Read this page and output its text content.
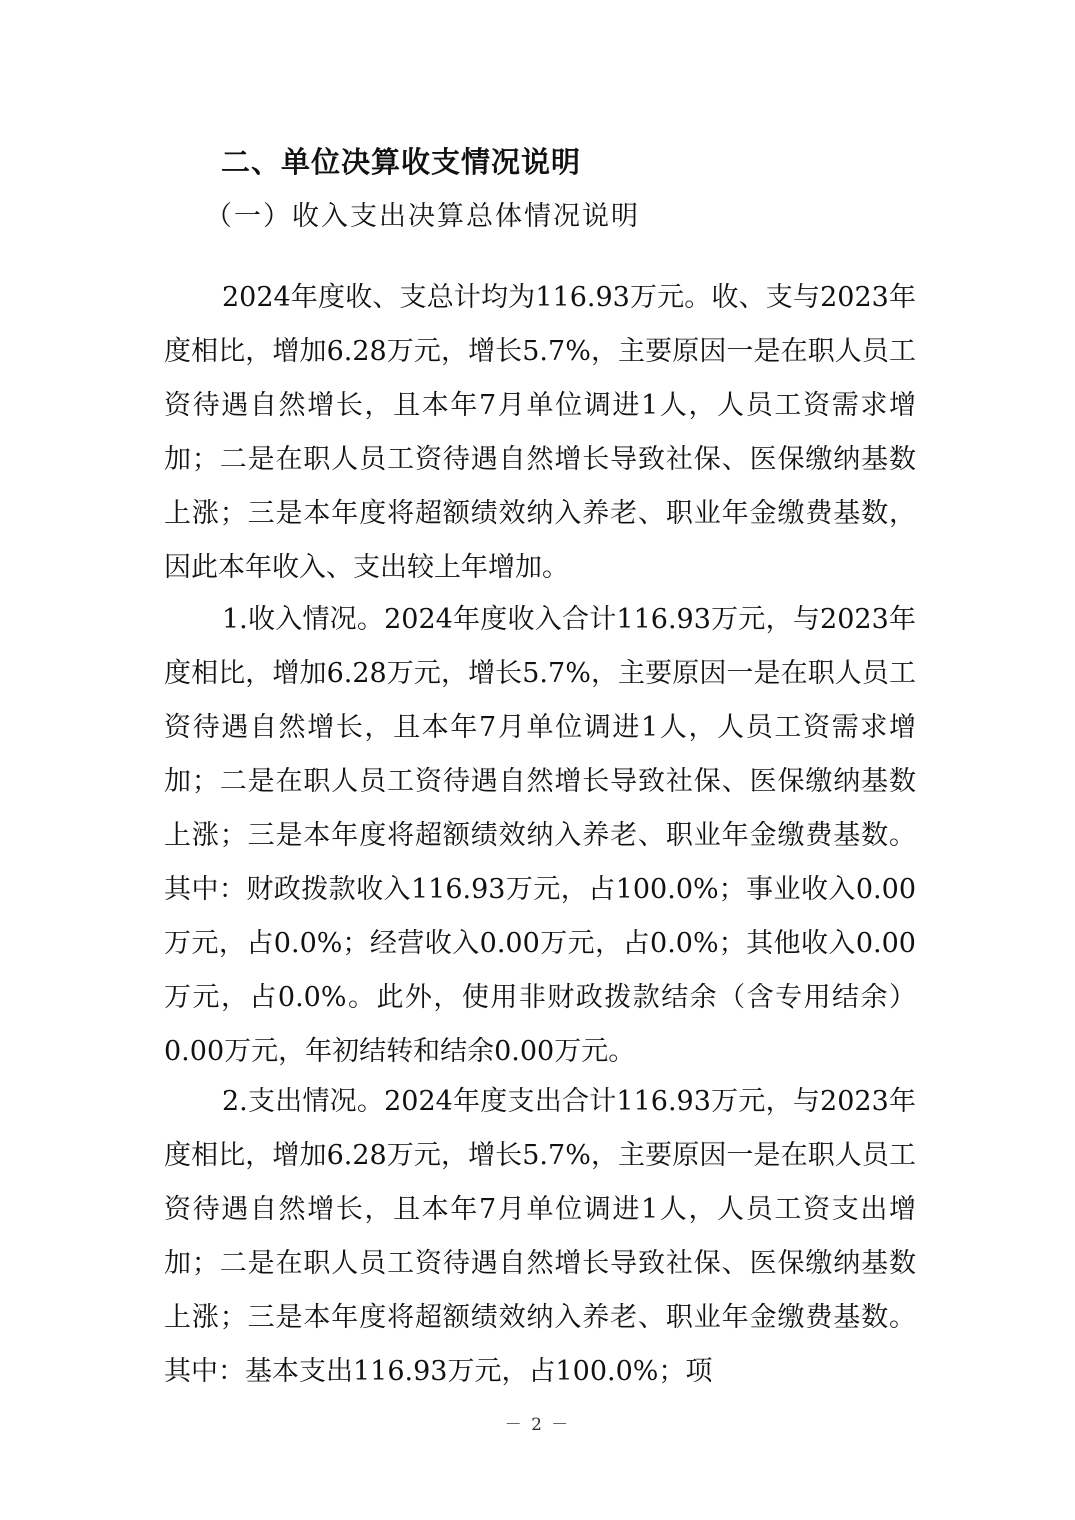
二、单位决算收支情况说明
（一）收入支出决算总体情况说明

2024年度收、支总计均为116.93万元。收、支与2023年度相比，增加6.28万元，增长5.7%，主要原因一是在职人员工资待遇自然增长，且本年7月单位调进1人，人员工资需求增加；二是在职人员工资待遇自然增长导致社保、医保缴纳基数上涨；三是本年度将超额绩效纳入养老、职业年金缴费基数，因此本年收入、支出较上年增加。

1.收入情况。2024年度收入合计116.93万元，与2023年度相比，增加6.28万元，增长5.7%，主要原因一是在职人员工资待遇自然增长，且本年7月单位调进1人，人员工资需求增加；二是在职人员工资待遇自然增长导致社保、医保缴纳基数上涨；三是本年度将超额绩效纳入养老、职业年金缴费基数。其中：财政拨款收入116.93万元，占100.0%；事业收入0.00万元，占0.0%；经营收入0.00万元，占0.0%；其他收入0.00万元，占0.0%。此外，使用非财政拨款结余（含专用结余）0.00万元，年初结转和结余0.00万元。

2.支出情况。2024年度支出合计116.93万元，与2023年度相比，增加6.28万元，增长5.7%，主要原因一是在职人员工资待遇自然增长，且本年7月单位调进1人，人员工资支出增加；二是在职人员工资待遇自然增长导致社保、医保缴纳基数上涨；三是本年度将超额绩效纳入养老、职业年金缴费基数。其中：基本支出116.93万元，占100.0%；项

－ 2 －
